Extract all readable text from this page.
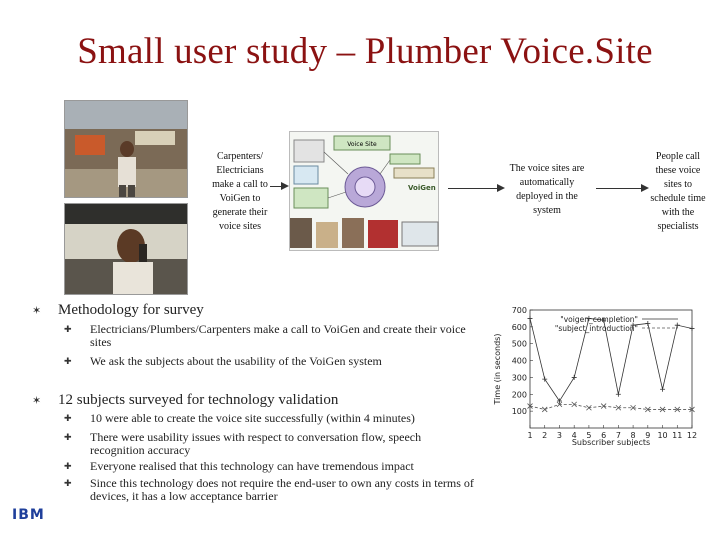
Small user study – Plumber Voice.Site
Carpenters/ Electricians make a call to VoiGen to generate their voice sites
The voice sites are automatically deployed in the system
People call these voice sites to schedule time with the specialists
Voice Site
VoiGen
✶ Methodology for survey
✚ Electricians/Plumbers/Carpenters make a call to VoiGen and create their voice sites
✚ We ask the subjects about the usability of the VoiGen system
✶ 12 subjects surveyed for technology validation
✚ 10 were able to create the voice site successfully (within 4 minutes)
✚ There were usability issues with respect to conversation flow, speech recognition accuracy
✚ Everyone realised that this technology can have tremendous impact
✚ Since this technology does not require the end-user to own any costs in terms of devices, it has a low acceptance barrier
100
200
300
400
500
600
700
1 2 3 4 5 6 7 8 9 10 11 12
Subscriber subjects
Time (in seconds)
"voigen_completion"
"subject_introduction"
IBM
